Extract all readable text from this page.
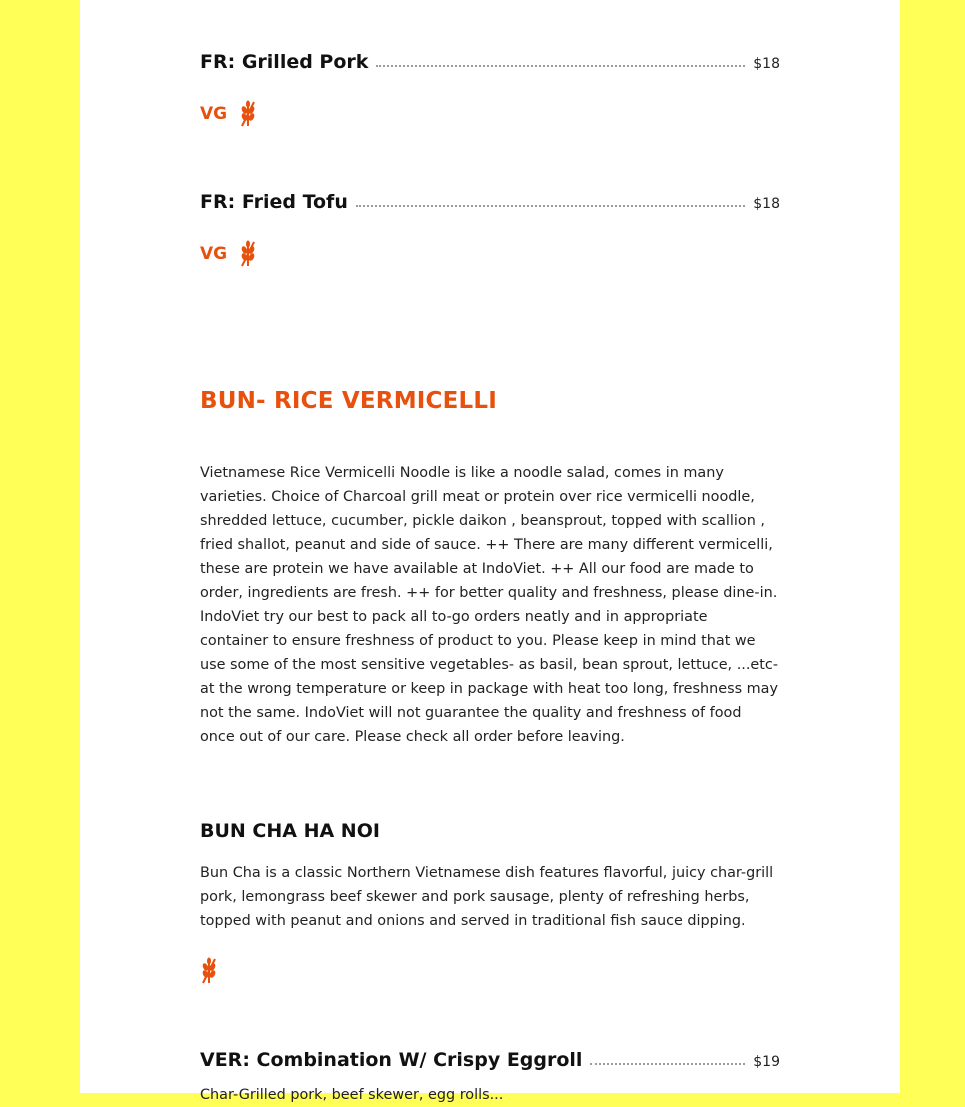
FR: Grilled Pork	$18
VG
FR: Fried Tofu	$18
VG
BUN- RICE VERMICELLI
Vietnamese Rice Vermicelli Noodle is like a noodle salad, comes in many varieties. Choice of Charcoal grill meat or protein over rice vermicelli noodle, shredded lettuce, cucumber, pickle daikon , beansprout, topped with scallion , fried shallot, peanut and side of sauce. ++ There are many different vermicelli, these are protein we have available at IndoViet. ++ All our food are made to order, ingredients are fresh. ++ for better quality and freshness, please dine-in. IndoViet try our best to pack all to-go orders neatly and in appropriate container to ensure freshness of product to you. Please keep in mind that we use some of the most sensitive vegetables- as basil, bean sprout, lettuce, ...etc- at the wrong temperature or keep in package with heat too long, freshness may not the same. IndoViet will not guarantee the quality and freshness of food once out of our care. Please check all order before leaving.
BUN CHA HA NOI
Bun Cha is a classic Northern Vietnamese dish features flavorful, juicy char-grill pork, lemongrass beef skewer and pork sausage, plenty of refreshing herbs, topped with peanut and onions and served in traditional fish sauce dipping.
VER: Combination W/ Crispy Eggroll	$19
Char-Grilled pork, beef skewer, egg rolls...
